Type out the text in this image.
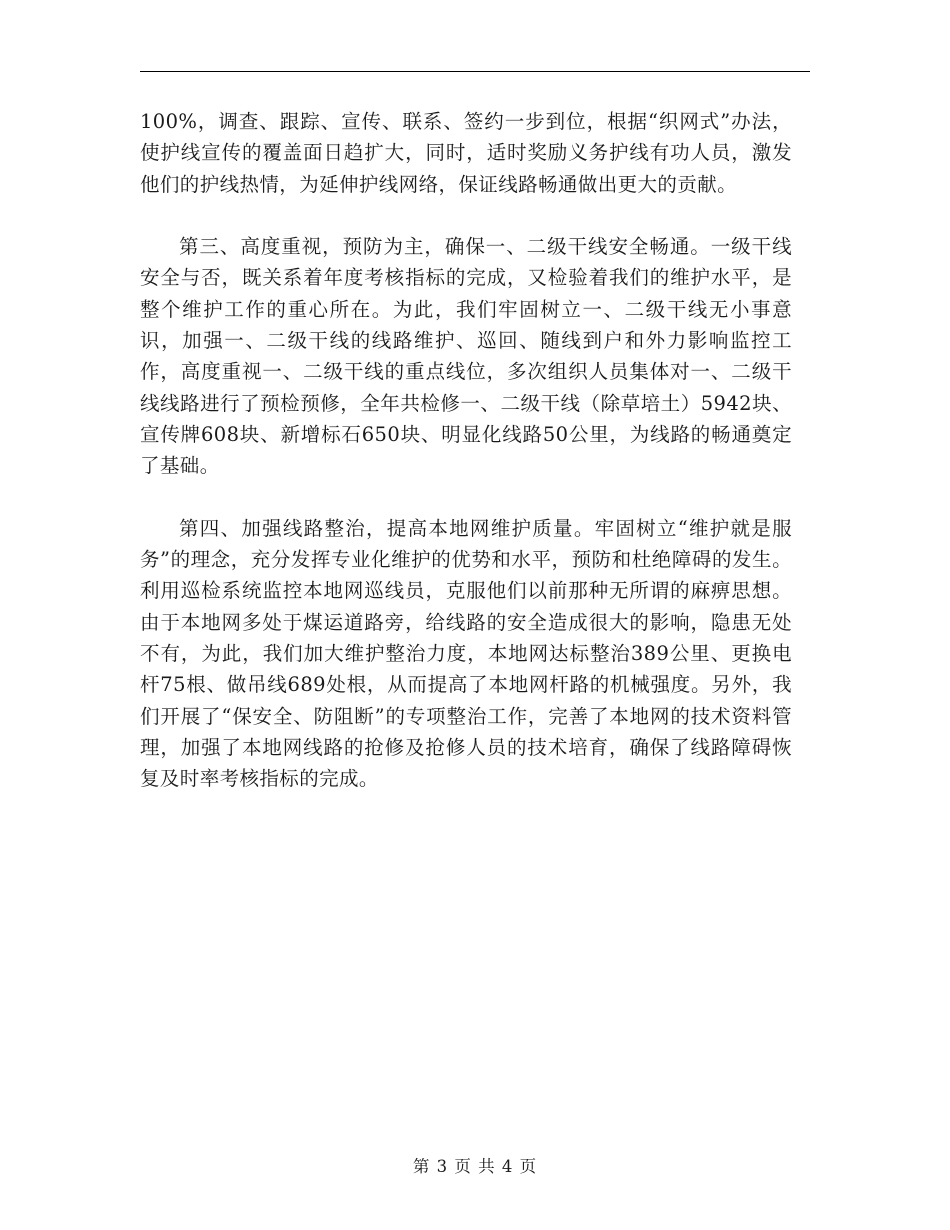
100%，调查、跟踪、宣传、联系、签约一步到位，根据“织网式”办法，使护线宣传的覆盖面日趋扩大，同时，适时奖励义务护线有功人员，激发他们的护线热情，为延伸护线网络，保证线路畅通做出更大的贡献。

第三、高度重视，预防为主，确保一、二级干线安全畅通。一级干线安全与否，既关系着年度考核指标的完成，又检验着我们的维护水平，是整个维护工作的重心所在。为此，我们牢固树立一、二级干线无小事意识，加强一、二级干线的线路维护、巡回、随线到户和外力影响监控工作，高度重视一、二级干线的重点线位，多次组织人员集体对一、二级干线线路进行了预检预修，全年共检修一、二级干线（除草培土）5942块、宣传牌608块、新增标石650块、明显化线路50公里，为线路的畅通奠定了基础。

第四、加强线路整治，提高本地网维护质量。牢固树立“维护就是服务”的理念，充分发挥专业化维护的优势和水平，预防和杜绝障碍的发生。利用巡检系统监控本地网巡线员，克服他们以前那种无所谓的麻痹思想。由于本地网多处于煤运道路旁，给线路的安全造成很大的影响，隐患无处不有，为此，我们加大维护整治力度，本地网达标整治389公里、更换电杆75根、做吊线689处根，从而提高了本地网杆路的机械强度。另外，我们开展了“保安全、防阻断”的专项整治工作，完善了本地网的技术资料管理，加强了本地网线路的抢修及抢修人员的技术培育，确保了线路障碍恢复及时率考核指标的完成。

第 3 页 共 4 页
